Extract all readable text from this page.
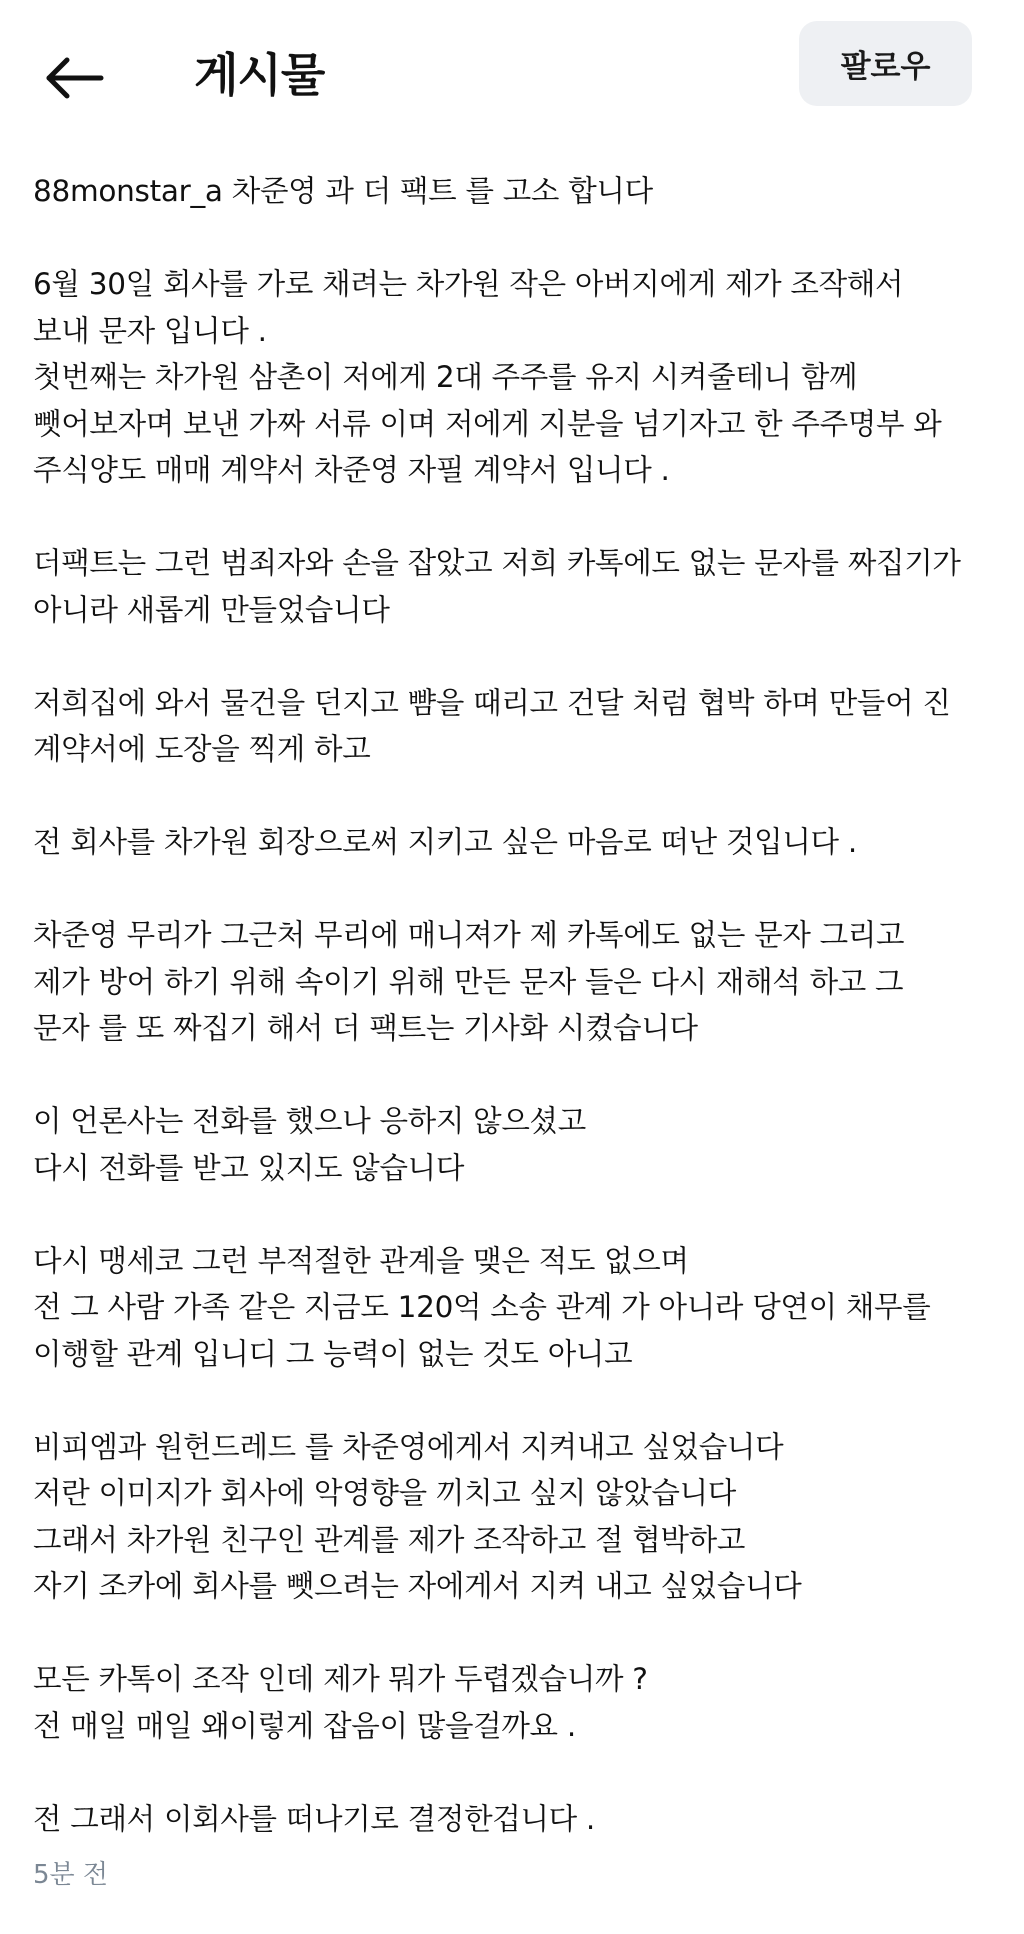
게시물	팔로우
88monstar_a 차준영 과 더 팩트 를 고소 합니다
6월 30일 회사를 가로 채려는 차가원 작은 아버지에게 제가 조작해서
보내 문자 입니다 .
첫번째는 차가원 삼촌이 저에게 2대 주주를 유지 시켜줄테니 함께
뺏어보자며 보낸 가짜 서류 이며 저에게 지분을 넘기자고 한 주주명부 와
주식양도 매매 계약서 차준영 자필 계약서 입니다 .
더팩트는 그런 범죄자와 손을 잡았고 저희 카톡에도 없는 문자를 짜집기가
아니라 새롭게 만들었습니다
저희집에 와서 물건을 던지고 뺨을 때리고 건달 처럼 협박 하며 만들어 진
계약서에 도장을 찍게 하고
전 회사를 차가원 회장으로써 지키고 싶은 마음로 떠난 것입니다 .
차준영 무리가 그근처 무리에 매니져가 제 카톡에도 없는 문자 그리고
제가 방어 하기 위해 속이기 위해 만든 문자 들은 다시 재해석 하고 그
문자 를 또 짜집기 해서 더 팩트는 기사화 시켰습니다
이 언론사는 전화를 했으나 응하지 않으셨고
다시 전화를 받고 있지도 않습니다
다시 맹세코 그런 부적절한 관계을 맺은 적도 없으며
전 그 사람 가족 같은 지금도 120억 소송 관계 가 아니라 당연이 채무를
이행할 관계 입니디 그 능력이 없는 것도 아니고
비피엠과 원헌드레드 를 차준영에게서 지켜내고 싶었습니다
저란 이미지가 회사에 악영향을 끼치고 싶지 않았습니다
그래서 차가원 친구인 관계를 제가 조작하고 절 협박하고
자기 조카에 회사를 뺏으려는 자에게서 지켜 내고 싶었습니다
모든 카톡이 조작 인데 제가 뭐가 두렵겠습니까 ?
전 매일 매일 왜이렇게 잡음이 많을걸까요 .
전 그래서 이회사를 떠나기로 결정한겁니다 .
5분 전
